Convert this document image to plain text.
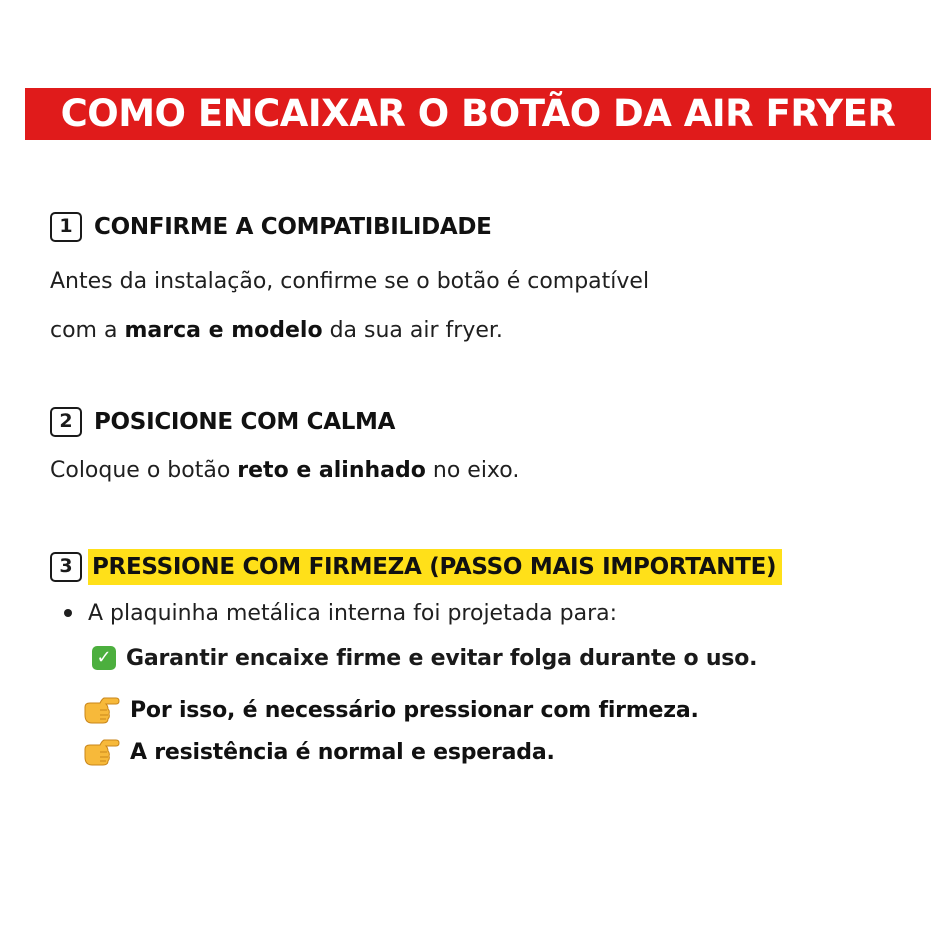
COMO ENCAIXAR O BOTÃO DA AIR FRYER
1 CONFIRME A COMPATIBILIDADE
Antes da instalação, confirme se o botão é compatível
com a marca e modelo da sua air fryer.
2 POSICIONE COM CALMA
Coloque o botão reto e alinhado no eixo.
3 PRESSIONE COM FIRMEZA (PASSO MAIS IMPORTANTE)
A plaquinha metálica interna foi projetada para:
✓ Garantir encaixe firme e evitar folga durante o uso.
Por isso, é necessário pressionar com firmeza.
A resistência é normal e esperada.
